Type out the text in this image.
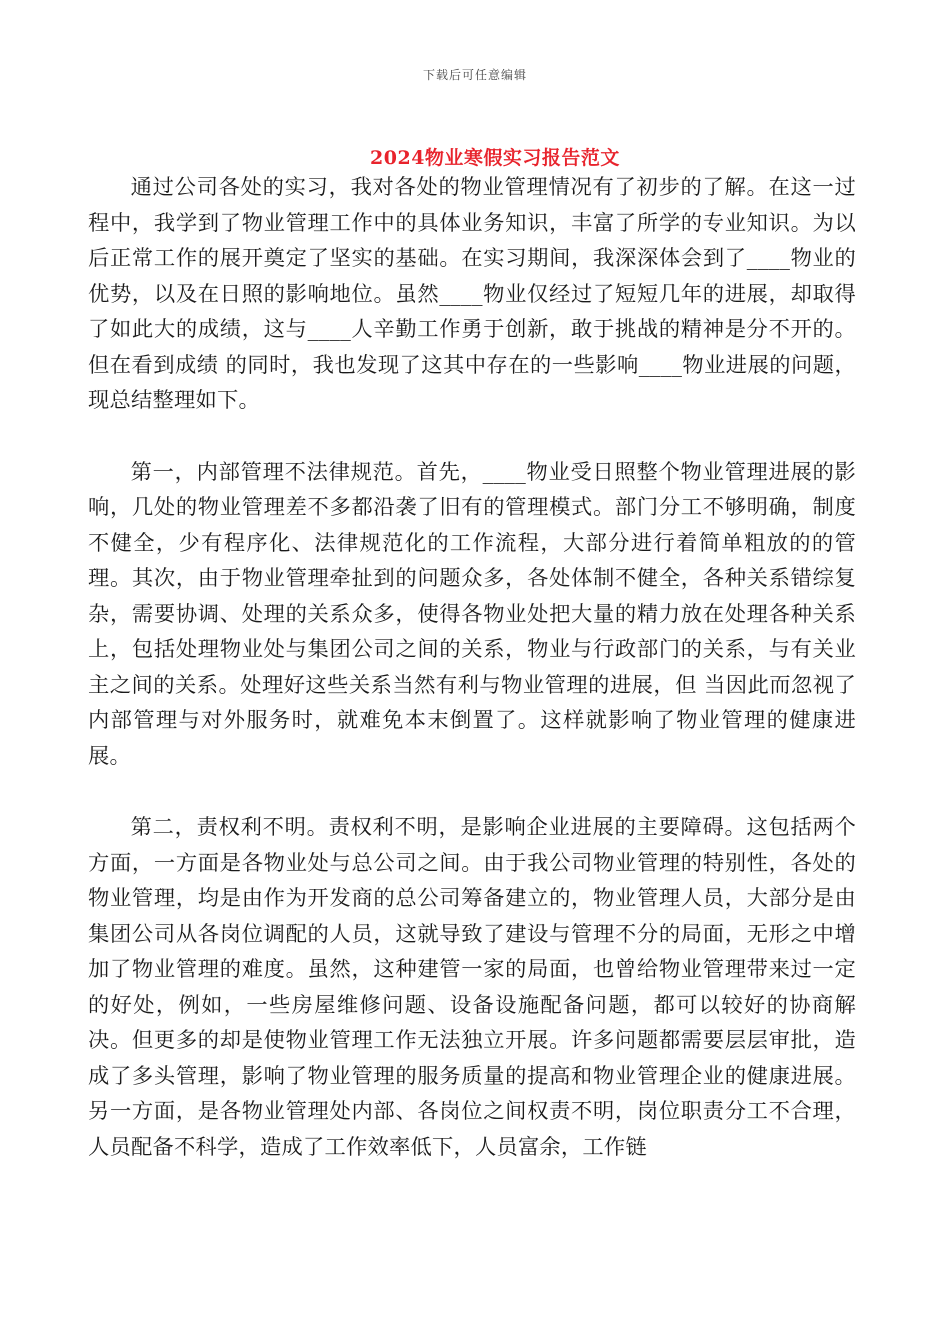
下载后可任意编辑
2024物业寒假实习报告范文

通过公司各处的实习，我对各处的物业管理情况有了初步的了解。在这一过程中，我学到了物业管理工作中的具体业务知识，丰富了所学的专业知识。为以后正常工作的展开奠定了坚实的基础。在实习期间，我深深体会到了____物业的优势，以及在日照的影响地位。虽然____物业仅经过了短短几年的进展，却取得了如此大的成绩，这与____人辛勤工作勇于创新，敢于挑战的精神是分不开的。但在看到成绩 的同时，我也发现了这其中存在的一些影响____物业进展的问题，现总结整理如下。

第一，内部管理不法律规范。首先，____物业受日照整个物业管理进展的影响，几处的物业管理差不多都沿袭了旧有的管理模式。部门分工不够明确，制度不健全，少有程序化、法律规范化的工作流程，大部分进行着简单粗放的的管理。其次，由于物业管理牵扯到的问题众多，各处体制不健全，各种关系错综复杂，需要协调、处理的关系众多，使得各物业处把大量的精力放在处理各种关系上，包括处理物业处与集团公司之间的关系，物业与行政部门的关系，与有关业主之间的关系。处理好这些关系当然有利与物业管理的进展，但 当因此而忽视了内部管理与对外服务时，就难免本末倒置了。这样就影响了物业管理的健康进展。

第二，责权利不明。责权利不明，是影响企业进展的主要障碍。这包括两个方面，一方面是各物业处与总公司之间。由于我公司物业管理的特别性，各处的物业管理，均是由作为开发商的总公司筹备建立的，物业管理人员，大部分是由集团公司从各岗位调配的人员，这就导致了建设与管理不分的局面，无形之中增加了物业管理的难度。虽然，这种建管一家的局面，也曾给物业管理带来过一定的好处，例如，一些房屋维修问题、设备设施配备问题，都可以较好的协商解决。但更多的却是使物业管理工作无法独立开展。许多问题都需要层层审批，造成了多头管理，影响了物业管理的服务质量的提高和物业管理企业的健康进展。另一方面，是各物业管理处内部、各岗位之间权责不明，岗位职责分工不合理，人员配备不科学，造成了工作效率低下，人员富余，工作链
